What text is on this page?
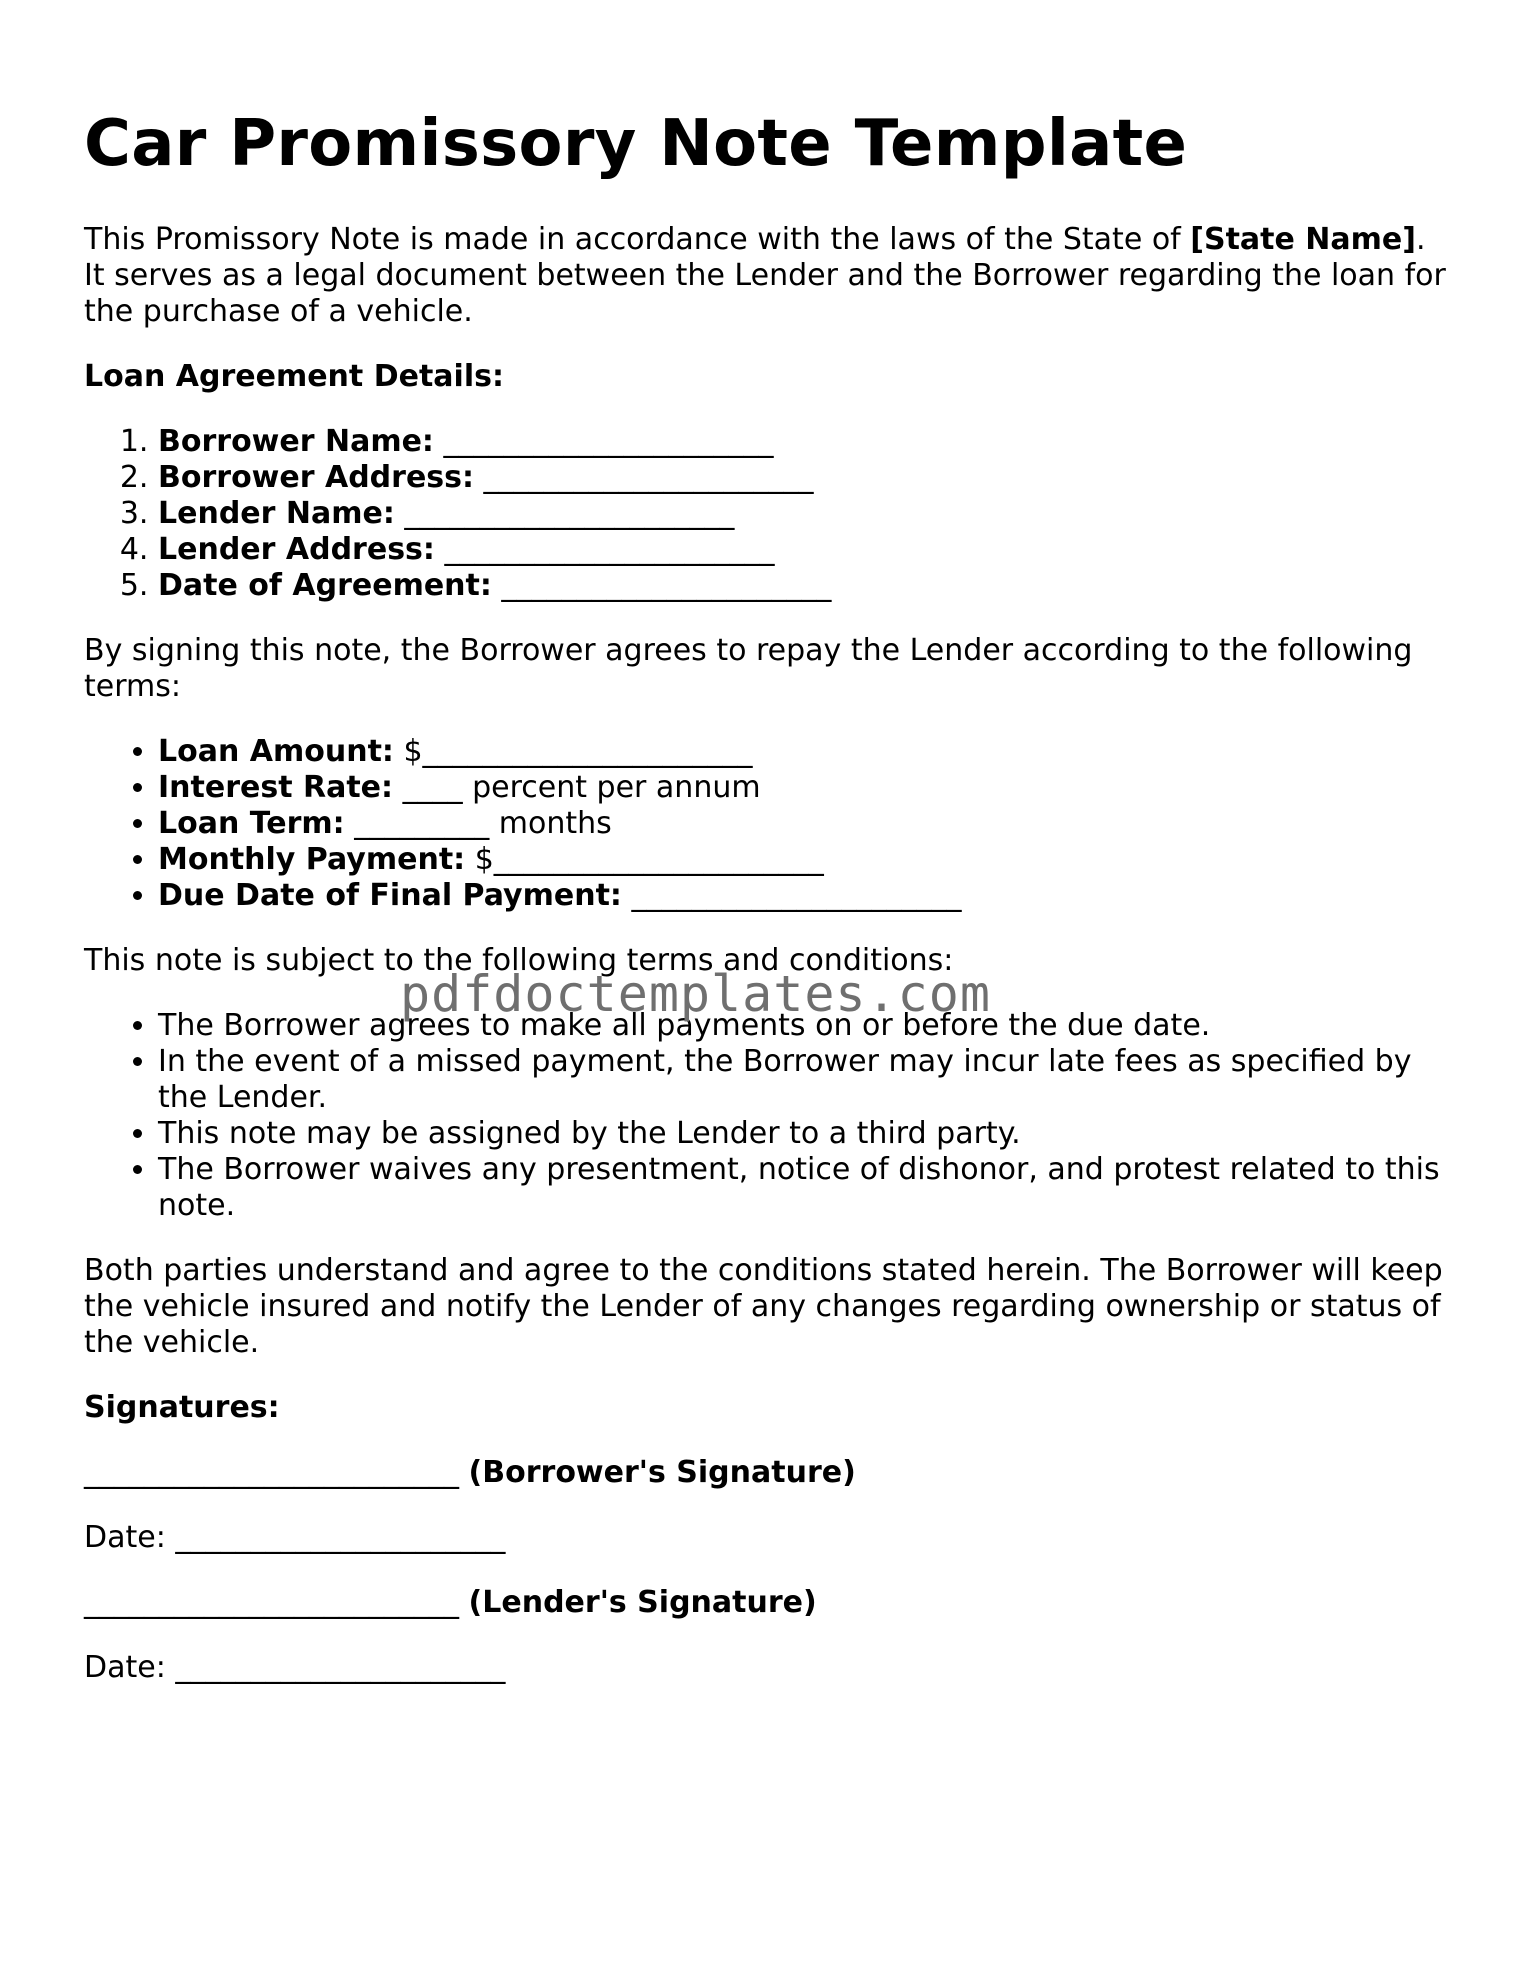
Car Promissory Note Template

This Promissory Note is made in accordance with the laws of the State of [State Name]. It serves as a legal document between the Lender and the Borrower regarding the loan for the purchase of a vehicle.

Loan Agreement Details:

1. Borrower Name: ______________________
2. Borrower Address: ______________________
3. Lender Name: ______________________
4. Lender Address: ______________________
5. Date of Agreement: ______________________

By signing this note, the Borrower agrees to repay the Lender according to the following terms:

• Loan Amount: $______________________
• Interest Rate: ____ percent per annum
• Loan Term: _________ months
• Monthly Payment: $______________________
• Due Date of Final Payment: ______________________

This note is subject to the following terms and conditions:

• The Borrower agrees to make all payments on or before the due date.
• In the event of a missed payment, the Borrower may incur late fees as specified by the Lender.
• This note may be assigned by the Lender to a third party.
• The Borrower waives any presentment, notice of dishonor, and protest related to this note.

Both parties understand and agree to the conditions stated herein. The Borrower will keep the vehicle insured and notify the Lender of any changes regarding ownership or status of the vehicle.

Signatures:

_________________________ (Borrower's Signature)

Date: ______________________

_________________________ (Lender's Signature)

Date: ______________________

pdfdoctemplates.com
